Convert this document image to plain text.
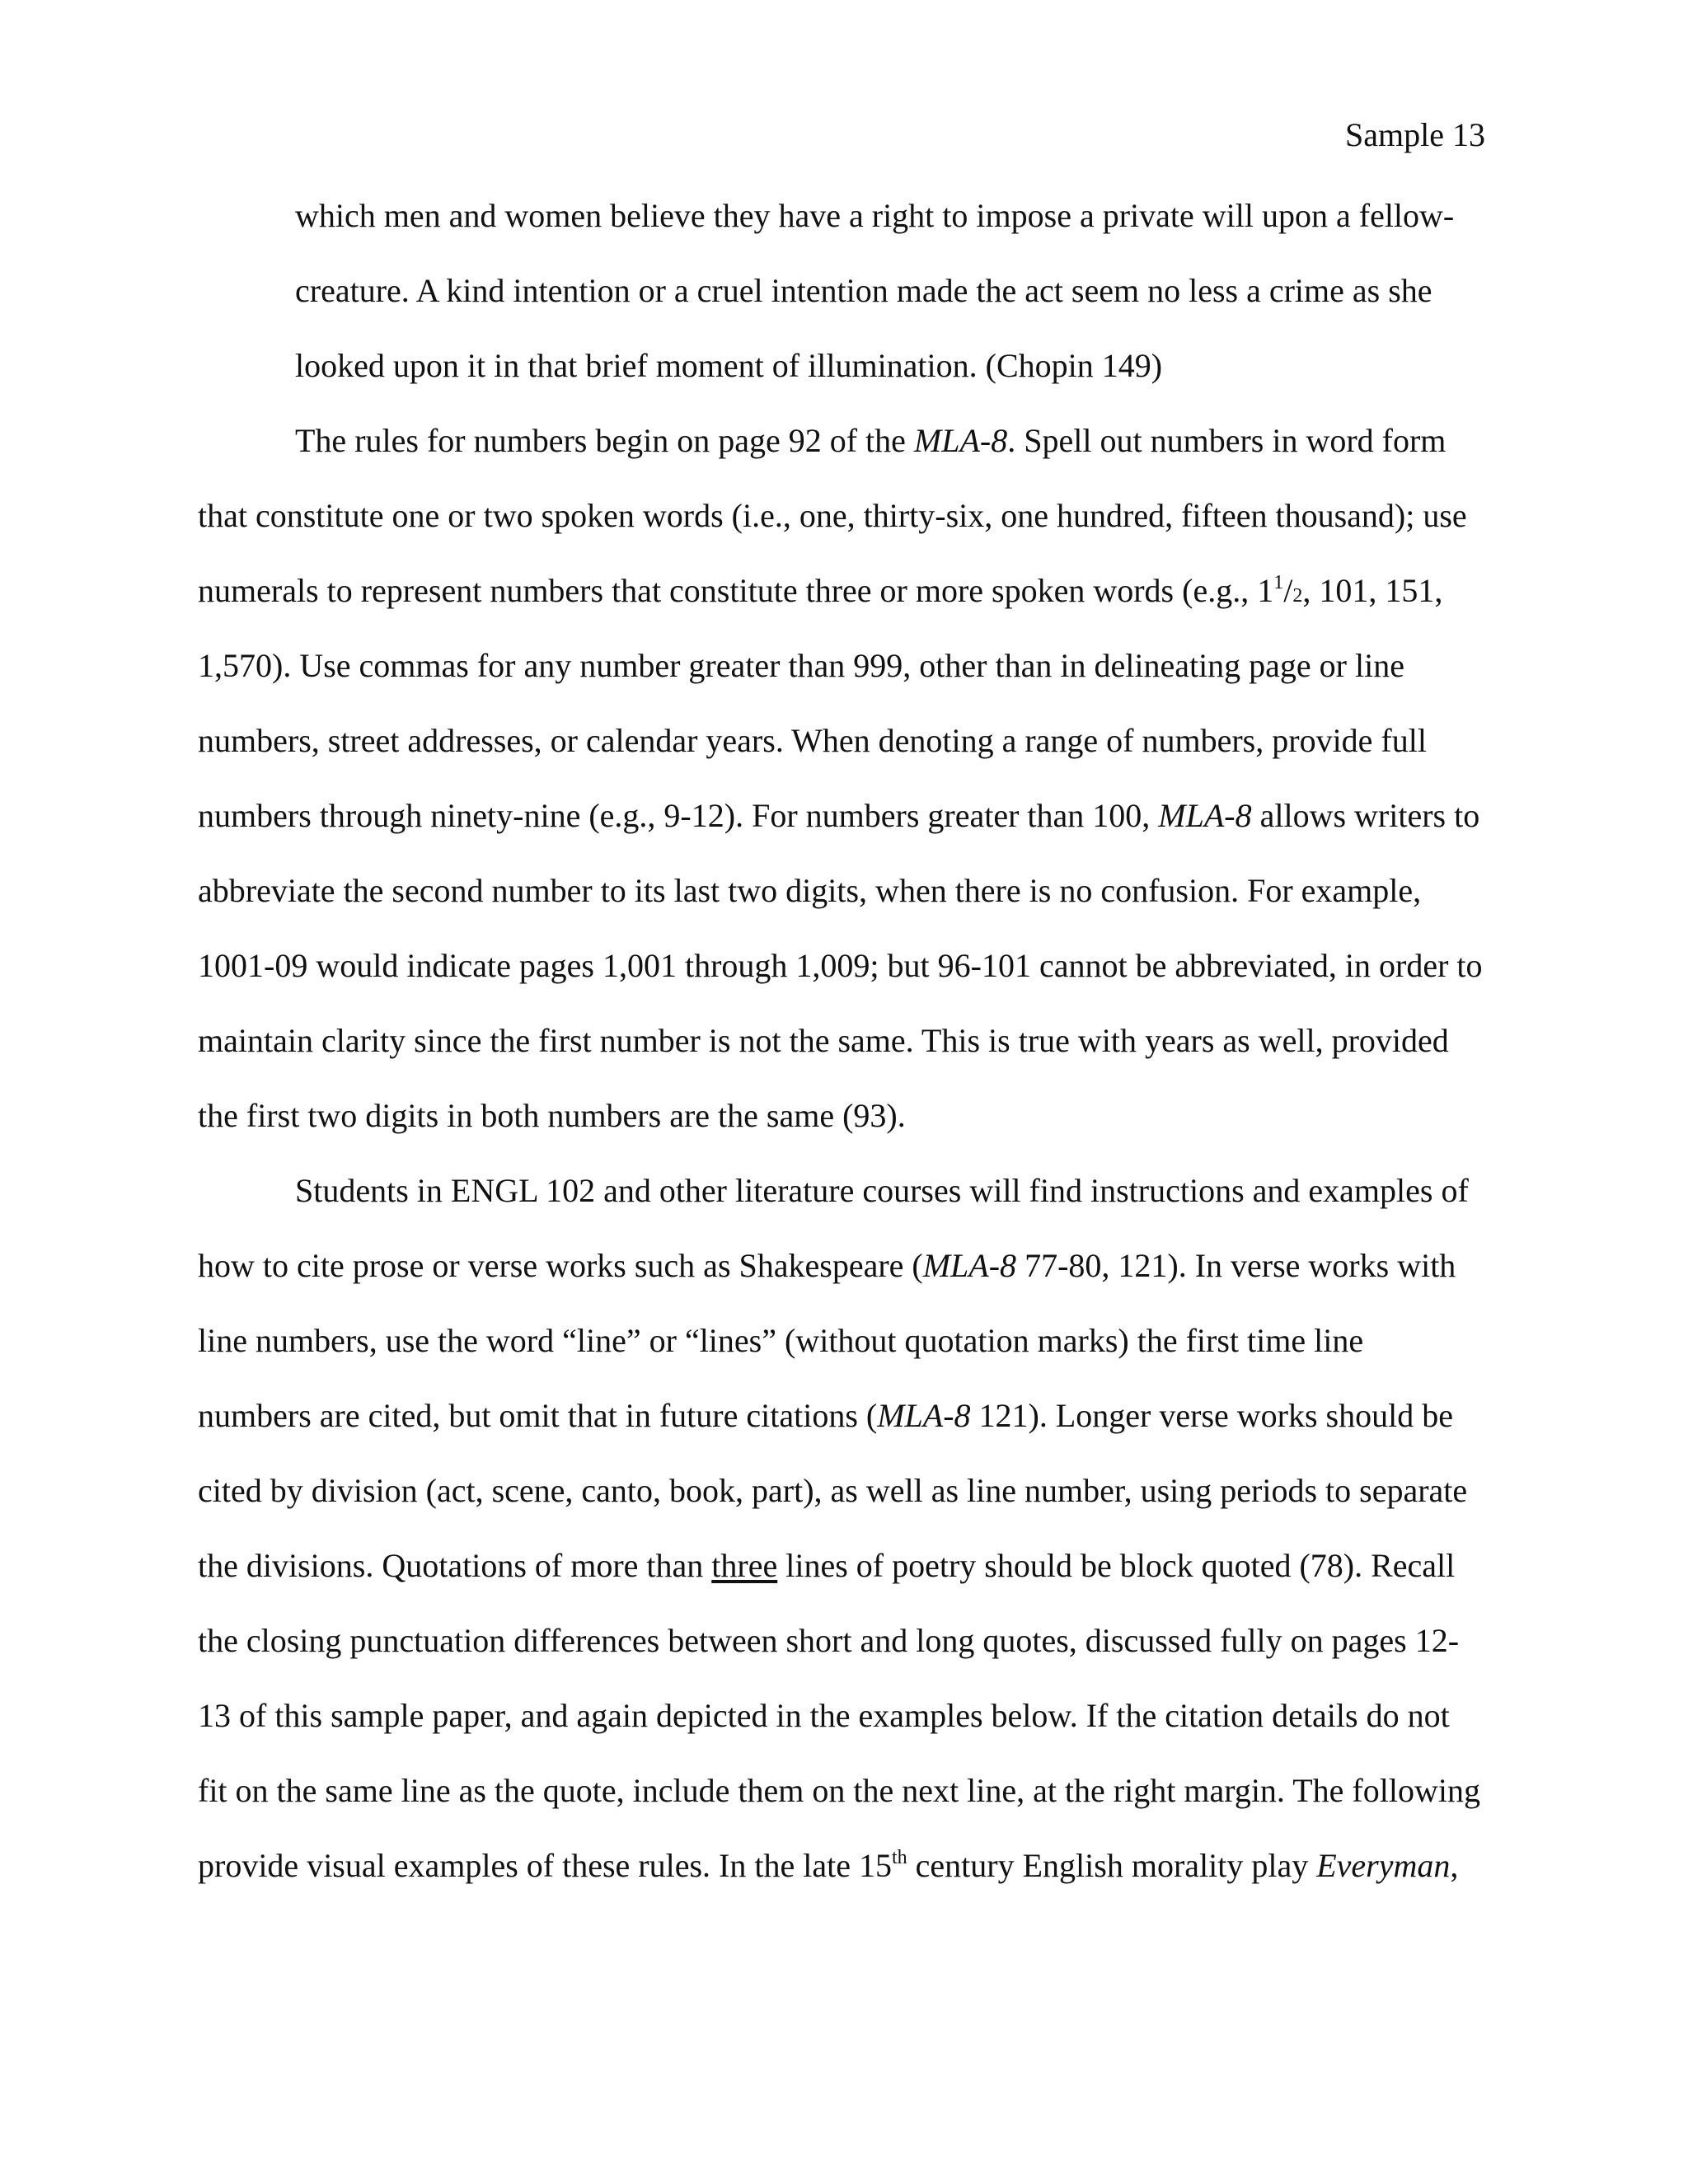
Sample 13
which men and women believe they have a right to impose a private will upon a fellow-
creature. A kind intention or a cruel intention made the act seem no less a crime as she
looked upon it in that brief moment of illumination. (Chopin 149)
The rules for numbers begin on page 92 of the MLA-8. Spell out numbers in word form
that constitute one or two spoken words (i.e., one, thirty-six, one hundred, fifteen thousand); use
numerals to represent numbers that constitute three or more spoken words (e.g., $1^1/2$, 101, 151,
1,570). Use commas for any number greater than 999, other than in delineating page or line
numbers, street addresses, or calendar years. When denoting a range of numbers, provide full
numbers through ninety-nine (e.g., 9-12). For numbers greater than 100, MLA-8 allows writers to
abbreviate the second number to its last two digits, when there is no confusion. For example,
1001-09 would indicate pages 1,001 through 1,009; but 96-101 cannot be abbreviated, in order to
maintain clarity since the first number is not the same. This is true with years as well, provided
the first two digits in both numbers are the same (93).
Students in ENGL 102 and other literature courses will find instructions and examples of
how to cite prose or verse works such as Shakespeare (MLA-8 77-80, 121). In verse works with
line numbers, use the word “line” or “lines” (without quotation marks) the first time line
numbers are cited, but omit that in future citations (MLA-8 121). Longer verse works should be
cited by division (act, scene, canto, book, part), as well as line number, using periods to separate
the divisions. Quotations of more than three lines of poetry should be block quoted (78). Recall
the closing punctuation differences between short and long quotes, discussed fully on pages 12-
13 of this sample paper, and again depicted in the examples below. If the citation details do not
fit on the same line as the quote, include them on the next line, at the right margin. The following
provide visual examples of these rules. In the late 15th century English morality play Everyman,
